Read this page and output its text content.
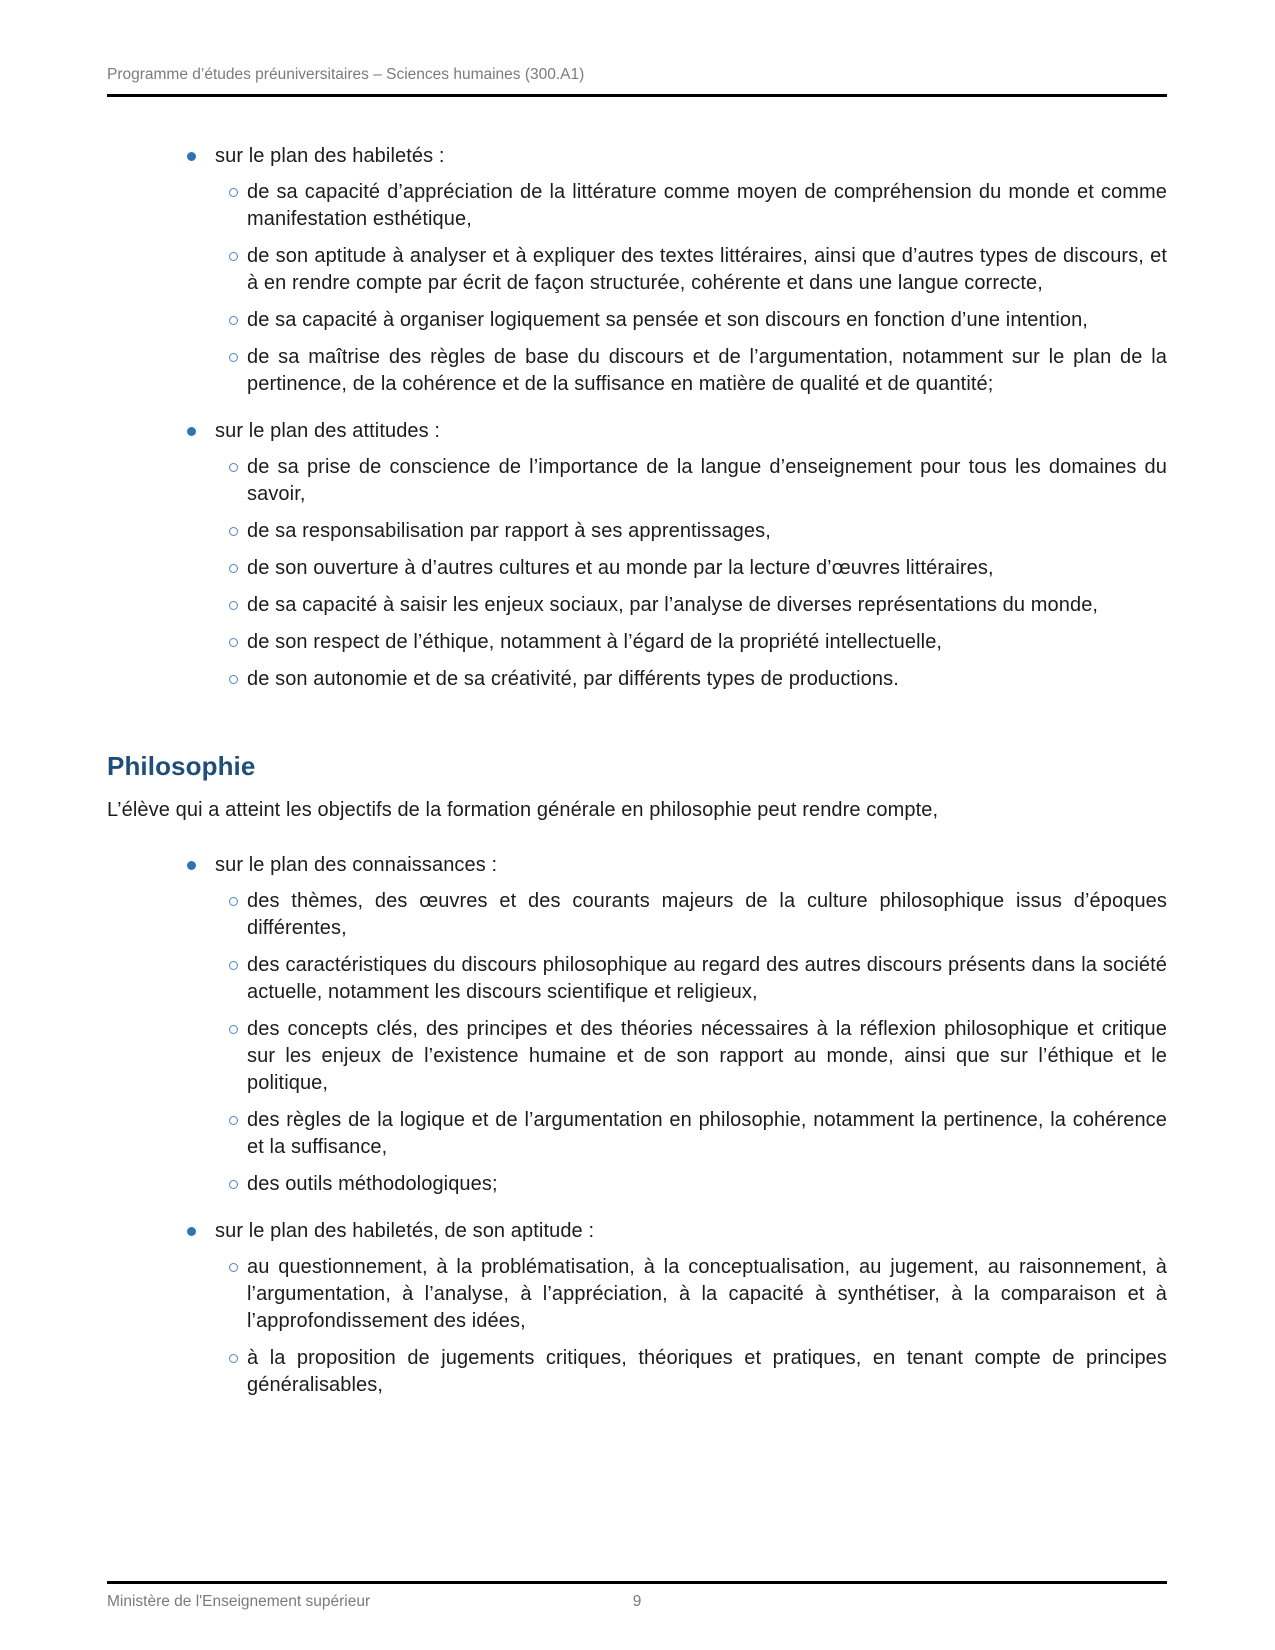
Programme d’études préuniversitaires – Sciences humaines (300.A1)
sur le plan des habiletés :
de sa capacité d’appréciation de la littérature comme moyen de compréhension du monde et comme manifestation esthétique,
de son aptitude à analyser et à expliquer des textes littéraires, ainsi que d’autres types de discours, et à en rendre compte par écrit de façon structurée, cohérente et dans une langue correcte,
de sa capacité à organiser logiquement sa pensée et son discours en fonction d’une intention,
de sa maîtrise des règles de base du discours et de l’argumentation, notamment sur le plan de la pertinence, de la cohérence et de la suffisance en matière de qualité et de quantité;
sur le plan des attitudes :
de sa prise de conscience de l’importance de la langue d’enseignement pour tous les domaines du savoir,
de sa responsabilisation par rapport à ses apprentissages,
de son ouverture à d’autres cultures et au monde par la lecture d’œuvres littéraires,
de sa capacité à saisir les enjeux sociaux, par l’analyse de diverses représentations du monde,
de son respect de l’éthique, notamment à l’égard de la propriété intellectuelle,
de son autonomie et de sa créativité, par différents types de productions.
Philosophie

L’élève qui a atteint les objectifs de la formation générale en philosophie peut rendre compte,

sur le plan des connaissances :
des thèmes, des œuvres et des courants majeurs de la culture philosophique issus d’époques différentes,
des caractéristiques du discours philosophique au regard des autres discours présents dans la société actuelle, notamment les discours scientifique et religieux,
des concepts clés, des principes et des théories nécessaires à la réflexion philosophique et critique sur les enjeux de l’existence humaine et de son rapport au monde, ainsi que sur l’éthique et le politique,
des règles de la logique et de l’argumentation en philosophie, notamment la pertinence, la cohérence et la suffisance,
des outils méthodologiques;
sur le plan des habiletés, de son aptitude :
au questionnement, à la problématisation, à la conceptualisation, au jugement, au raisonnement, à l’argumentation, à l’analyse, à l’appréciation, à la capacité à synthétiser, à la comparaison et à l’approfondissement des idées,
à la proposition de jugements critiques, théoriques et pratiques, en tenant compte de principes généralisables,
Ministère de l'Enseignement supérieur	9
